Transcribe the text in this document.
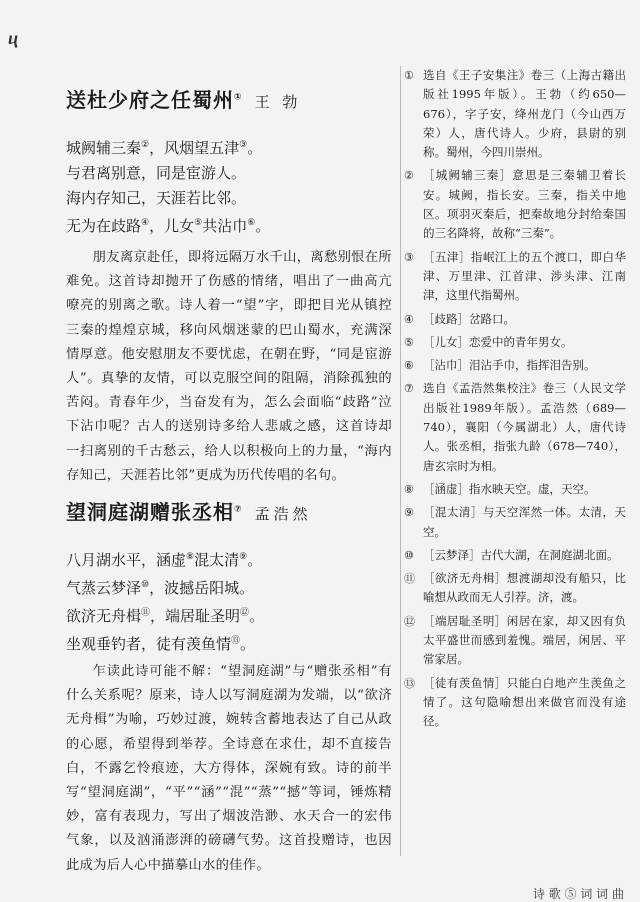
ⴗ
送杜少府之任蜀州① 王 勃
城阙辅三秦②，风烟望五津③。
与君离别意，同是宦游人。
海内存知己，天涯若比邻。
无为在歧路④，儿女⑤共沾巾⑥。
朋友离京赴任，即将远隔万水千山，离愁别恨在所难免。这首诗却抛开了伤感的情绪，唱出了一曲高亢嘹亮的别离之歌。诗人着一“望”字，即把目光从镇控三秦的煌煌京城，移向风烟迷蒙的巴山蜀水，充满深情厚意。他安慰朋友不要忧虑，在朝在野，“同是宦游人”。真挚的友情，可以克服空间的阻隔，消除孤独的苦闷。青春年少，当奋发有为，怎么会面临“歧路”泣下沾巾呢？古人的送别诗多给人悲戚之感，这首诗却一扫离别的千古愁云，给人以积极向上的力量，“海内存知己，天涯若比邻”更成为历代传唱的名句。
望洞庭湖赠张丞相⑦ 孟浩然
八月湖水平，涵虚⑧混太清⑨。
气蒸云梦泽⑩，波撼岳阳城。
欲济无舟楫⑪，端居耻圣明⑫。
坐观垂钓者，徒有羡鱼情⑬。
乍读此诗可能不解：“望洞庭湖”与“赠张丞相”有什么关系呢？原来，诗人以写洞庭湖为发端，以“欲济无舟楫”为喻，巧妙过渡，婉转含蓄地表达了自己从政的心愿，希望得到举荐。全诗意在求仕，却不直接告白，不露乞怜痕迹，大方得体，深婉有致。诗的前半写“望洞庭湖”，“平”“涵”“混”“蒸”“撼”等词，锤炼精妙，富有表现力，写出了烟波浩渺、水天合一的宏伟气象，以及汹涌澎湃的磅礴气势。这首投赠诗，也因此成为后人心中描摹山水的佳作。
① 选自《王子安集注》卷三（上海古籍出版社1995年版）。王勃（约650—676），字子安，绛州龙门（今山西万荣）人，唐代诗人。少府，县尉的别称。蜀州，今四川崇州。
② ［城阙辅三秦］意思是三秦辅卫着长安。城阙，指长安。三秦，指关中地区。项羽灭秦后，把秦故地分封给秦国的三名降将，故称“三秦”。
③ ［五津］指岷江上的五个渡口，即白华津、万里津、江首津、涉头津、江南津，这里代指蜀州。
④ ［歧路］岔路口。
⑤ ［儿女］恋爱中的青年男女。
⑥ ［沾巾］泪沾手巾，指挥泪告别。
⑦ 选自《孟浩然集校注》卷三（人民文学出版社1989年版）。孟浩然（689—740），襄阳（今属湖北）人，唐代诗人。张丞相，指张九龄（678—740），唐玄宗时为相。
⑧ ［涵虚］指水映天空。虚，天空。
⑨ ［混太清］与天空浑然一体。太清，天空。
⑩ ［云梦泽］古代大湖，在洞庭湖北面。
⑪ ［欲济无舟楫］想渡湖却没有船只，比喻想从政而无人引荐。济，渡。
⑫ ［端居耻圣明］闲居在家，却又因有负太平盛世而感到羞愧。端居，闲居、平常家居。
⑬ ［徒有羡鱼情］只能白白地产生羡鱼之情了。这句隐喻想出来做官而没有途径。
诗 歌 ⑤ 词 词 曲
